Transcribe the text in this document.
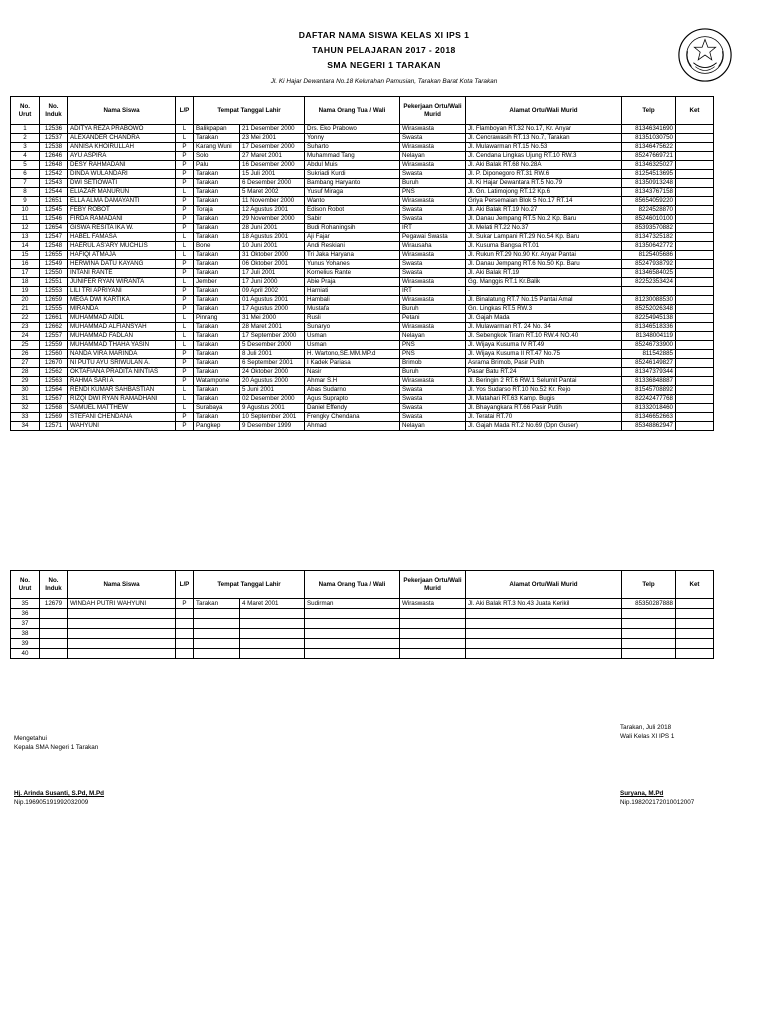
DAFTAR NAMA SISWA KELAS XI IPS 1
TAHUN PELAJARAN 2017 - 2018
SMA NEGERI 1 TARAKAN
Jl. Ki Hajar Dewantara No.18 Kelurahan Pamusian, Tarakan Barat Kota Tarakan
No. Urut	No. Induk	Nama Siswa	L/P	Tempat Tanggal Lahir		Nama Orang Tua / Wali	Pekerjaan Ortu/Wali Murid	Alamat Ortu/Wali Murid	Telp	Ket
1	12536	ADITYA REZA PRABOWO	L	Balikpapan	21 Desember 2000	Drs. Eko Prabowo	Wiraswasta	Jl. Flamboyan RT.32 No.17, Kr. Anyar	81346341690	
2	12537	ALEXANDER CHANDRA	L	Tarakan	23 Mei 2001	Yonny	Swasta	Jl. Cencrawasih RT.13 No.7, Tarakan	81351030750	
3	12538	ANNISA KHOIRULLAH	P	Karang Wuni	17 Desember 2000	Suharto	Wiraswasta	Jl. Mulawarman RT.15 No.53	81346475622	
4	12646	AYU ASPIRA	P	Solo	27 Maret 2001	Muhammad Tang	Nelayan	Jl. Cendana Lingkas Ujung RT.10 RW.3	85247669721	
5	12648	DESY RAHMADANI	P	Palu	16 Desember 2000	Abdul Muis	Wiraswasta	Jl. Aki Balak RT.68 No.28A	81346325027	
6	12542	DINDA WULANDARI	P	Tarakan	15 Juli 2001	Sukriadi Kurdi	Swasta	Jl. P. Diponegoro RT.31 RW.6	81254513695	
7	12543	DWI SETIOWATI	P	Tarakan	6 Desember 2000	Bambang Haryanto	Buruh	Jl. Ki Hajar Dewantara RT.5 No.79	81350913248	
8	12544	ELIAZAR MANURUN	L	Tarakan	5 Maret 2002	Yusuf Miraga	PNS	Jl. Gn. Latimojong RT.12 Kp.6	81343767158	
9	12651	ELLA ALMA DAMAYANTI	P	Tarakan	11 November 2000	Wanto	Wiraswasta	Griya Persemaian Blok 5 No.17 RT.14	85654059220	
10	12545	FEBY ROBOT	P	Toraja	12 Agustus 2001	Edison Robot	Swasta	Jl. Aki Balak RT.19 No.27	8224528870	
11	12546	FIRDA RAMADANI	P	Tarakan	29 November 2000	Sabir	Swasta	Jl. Danau Jempang RT.5 No.2 Kp. Baru	85246010100	
12	12654	GISWA RESITA IKA W.	P	Tarakan	28 Juni 2001	Budi Rohaningsih	IRT	Jl. Melati RT.22 No.37	85393570882	
13	12547	HABEL FAMASA	L	Tarakan	18 Agustus 2001	Aji Fajar	Pegawai Swasta	Jl. Sukar Lampani RT.29 No.54 Kp. Baru	81347325182	
14	12548	HAERUL AS'ARY MUCHLIS	L	Bone	10 Juni 2001	Andi Reskiani	Wirausaha	Jl. Kusuma Bangsa RT.01	81350642772	
15	12655	HAFIQI ATMAJA	L	Tarakan	31 Oktober 2000	Tri Jaka Haryana	Wiraswasta	Jl. Rukun RT.29 No.90 Kr. Anyar Pantai	8125405686	
16	12549	HERWINA DATU KAYANG	P	Tarakan	06 Oktober 2001	Yunus Yohanes	Swasta	Jl. Danau Jempang RT.6 No.50 Kp. Baru	85247938792	
17	12550	INTANI RANTE	P	Tarakan	17 Juli 2001	Kornelius Rante	Swasta	Jl. Aki Balak RT.19	81346584025	
18	12551	JUNIFER RYAN WIRANTA	L	Jember	17 Juni 2000	Abie Praja	Wiraswasta	Gg. Manggis RT.1 Kr.Balik	82252353424	
19	12553	LILI TRI APRIYANI	P	Tarakan	09 April 2002	Harniati	IRT	-		
20	12659	MEGA DWI KARTIKA	P	Tarakan	01 Agustus 2001	Hambali	Wiraswasta	Jl. Binalatung RT.7 No.15 Pantai Amal	81230088530	
21	12555	MIRANDA	P	Tarakan	17 Agustus 2000	Mustafa	Buruh	Gn. Lingkas RT.5 RW.3	85252026348	
22	12661	MUHAMMAD AIDIL	L	Pinrang	31 Mei 2000	Rusli	Petani	Jl. Gajah Mada	82254945138	
23	12662	MUHAMMAD ALFIANSYAH	L	Tarakan	28 Maret 2001	Sunaryo	Wiraswasta	Jl. Mulawarman RT. 24 No. 34	81346518336	
24	12557	MUHAMMAD FADLAN	L	Tarakan	17 September 2000	Usman	Nelayan	Jl. Sebengkok Tiram RT.10 RW.4 NO.40	81348004119	
25	12559	MUHAMMAD THAHA YASIN	L	Tarakan	5 Desember 2000	Usman	PNS	Jl. Wijaya Kusuma IV RT.49	85246733900	
26	12560	NANDA VIRA MARINDA	P	Tarakan	8 Juli 2001	H. Wartono,SE.MM.MP.d	PNS	Jl. Wijaya Kusuma II RT.47 No.75	811542885	
27	12670	NI PUTU AYU SRIWULAN A.	P	Tarakan	6 September 2001	I Kadek Pariasa	Brimob	Asrama Brimob, Pasir Putih	85246149827	
28	12562	OKTAFIANA PRADITA NINTIAS	P	Tarakan	24 Oktober 2000	Nasir	Buruh	Pasar Batu RT.24	81347379344	
29	12563	RAHMA SARI A	P	Watampone	20 Agustus 2000	Ahmar S.H	Wiraswasta	Jl. Beringin 2 RT.6 RW.1 Selumit Pantai	81336848887	
30	12564	RENDI KUMAR SAHBASTIAN	L	Tarakan	5 Juni 2001	Abas Sudarno	Swasta	Jl. Yos Sudarso RT.10 No.52 Kr. Rejo	81545708892	
31	12567	RIZQI DWI RYAN RAMADHANI	L	Tarakan	02 Desember 2000	Agus Suprapto	Swasta	Jl. Matahari RT.63 Kamp. Bugis	82242477768	
32	12568	SAMUEL MATTHEW	L	Surabaya	9 Agustus 2001	Daniel Effendy	Swasta	Jl. Bhayangkara RT.66 Pasir Putih	81332018460	
33	12569	STEFANI CHENDANA	P	Tarakan	10 September 2001	Frengky Chendana	Swasta	Jl. Teratai RT.70	81346652663	
34	12571	WAHYUNI	P	Pangkep	9 Desember 1999	Ahmad	Nelayan	Jl. Gajah Mada RT.2 No.69 (Dpn Guser)	85348862947	
No. Urut	No. Induk	Nama Siswa	L/P	Tempat Tanggal Lahir		Nama Orang Tua / Wali	Pekerjaan Ortu/Wali Murid	Alamat Ortu/Wali Murid	Telp	Ket
35	12679	WINDAH PUTRI WAHYUNI	P	Tarakan	4 Maret 2001	Sudirman	Wiraswasta	Jl. Aki Balak RT.3 No.43 Juata Kerikil	85350287888	
36										
37										
38										
39										
40										
Tarakan, Juli 2018
Wali Kelas XI IPS 1
Mengetahui
Kepala SMA Negeri 1 Tarakan
Hj. Arinda Susanti, S.Pd, M.Pd
Nip.196905191992032009
Suryana, M.Pd
Nip.198202172010012007
